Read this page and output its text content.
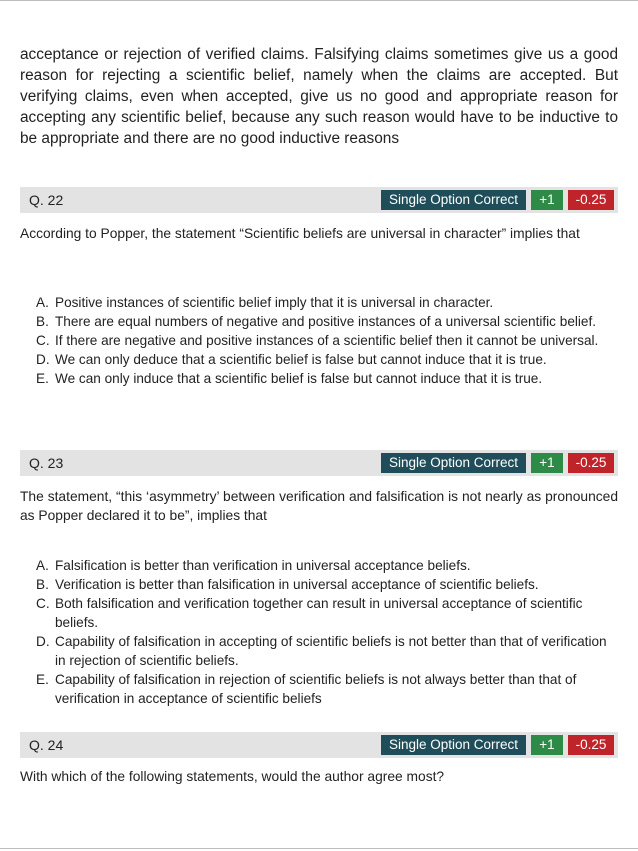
acceptance or rejection of verified claims. Falsifying claims sometimes give us a good reason for rejecting a scientific belief, namely when the claims are accepted. But verifying claims, even when accepted, give us no good and appropriate reason for accepting any scientific belief, because any such reason would have to be inductive to be appropriate and there are no good inductive reasons
Q. 22	Single Option Correct	+1	-0.25
According to Popper, the statement “Scientific beliefs are universal in character” implies that
A. Positive instances of scientific belief imply that it is universal in character.
B. There are equal numbers of negative and positive instances of a universal scientific belief.
C. If there are negative and positive instances of a scientific belief then it cannot be universal.
D. We can only deduce that a scientific belief is false but cannot induce that it is true.
E. We can only induce that a scientific belief is false but cannot induce that it is true.
Q. 23	Single Option Correct	+1	-0.25
The statement, “this ‘asymmetry’ between verification and falsification is not nearly as pronounced as Popper declared it to be”, implies that
A. Falsification is better than verification in universal acceptance beliefs.
B. Verification is better than falsification in universal acceptance of scientific beliefs.
C. Both falsification and verification together can result in universal acceptance of scientific beliefs.
D. Capability of falsification in accepting of scientific beliefs is not better than that of verification in rejection of scientific beliefs.
E. Capability of falsification in rejection of scientific beliefs is not always better than that of verification in acceptance of scientific beliefs
Q. 24	Single Option Correct	+1	-0.25
With which of the following statements, would the author agree most?
